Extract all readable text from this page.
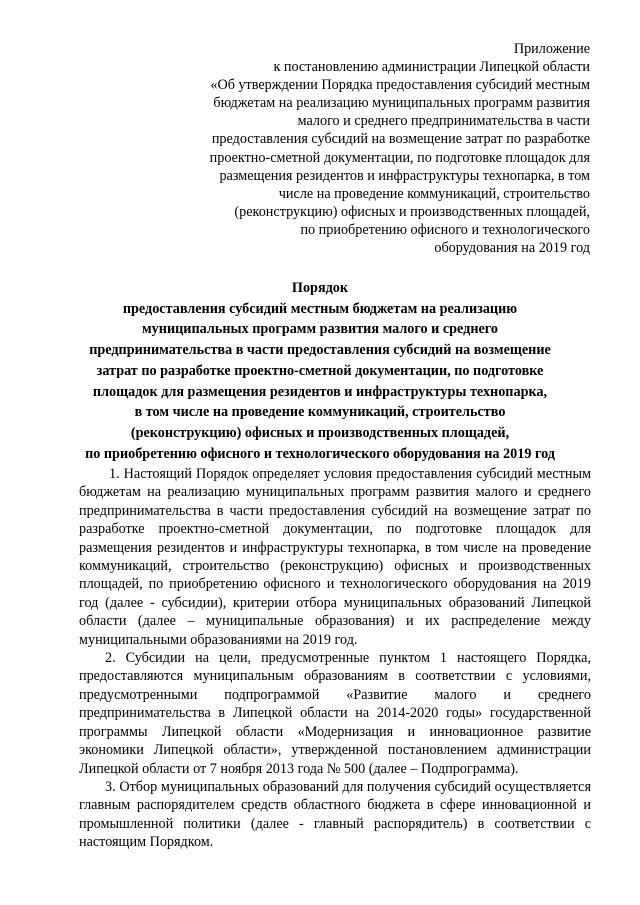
Приложение
к постановлению администрации Липецкой области
«Об утверждении Порядка предоставления субсидий местным
бюджетам на реализацию муниципальных программ развития
малого и среднего предпринимательства в части
предоставления субсидий на возмещение затрат по разработке
проектно-сметной документации, по подготовке площадок для
размещения резидентов и инфраструктуры технопарка, в том
числе на проведение коммуникаций, строительство
(реконструкцию) офисных и производственных площадей,
по приобретению офисного и технологического
оборудования на 2019 год
Порядок
предоставления субсидий местным бюджетам на реализацию
муниципальных программ развития малого и среднего
предпринимательства в части предоставления субсидий на возмещение
затрат по разработке проектно-сметной документации, по подготовке
площадок для размещения резидентов и инфраструктуры технопарка,
в том числе на проведение коммуникаций, строительство
(реконструкцию) офисных и производственных площадей,
по приобретению офисного и технологического оборудования на 2019 год

1. Настоящий Порядок определяет условия предоставления субсидий местным бюджетам на реализацию муниципальных программ развития малого и среднего предпринимательства в части предоставления субсидий на возмещение затрат по разработке проектно-сметной документации, по подготовке площадок для размещения резидентов и инфраструктуры технопарка, в том числе на проведение коммуникаций, строительство (реконструкцию) офисных и производственных площадей, по приобретению офисного и технологического оборудования на 2019 год (далее - субсидии), критерии отбора муниципальных образований Липецкой области (далее – муниципальные образования) и их распределение между муниципальными образованиями на 2019 год.

2. Субсидии на цели, предусмотренные пунктом 1 настоящего Порядка, предоставляются муниципальным образованиям в соответствии с условиями, предусмотренными подпрограммой «Развитие малого и среднего предпринимательства в Липецкой области на 2014-2020 годы» государственной программы Липецкой области «Модернизация и инновационное развитие экономики Липецкой области», утвержденной постановлением администрации Липецкой области от 7 ноября 2013 года № 500 (далее – Подпрограмма).

3. Отбор муниципальных образований для получения субсидий осуществляется главным распорядителем средств областного бюджета в сфере инновационной и промышленной политики (далее - главный распорядитель) в соответствии с настоящим Порядком.
